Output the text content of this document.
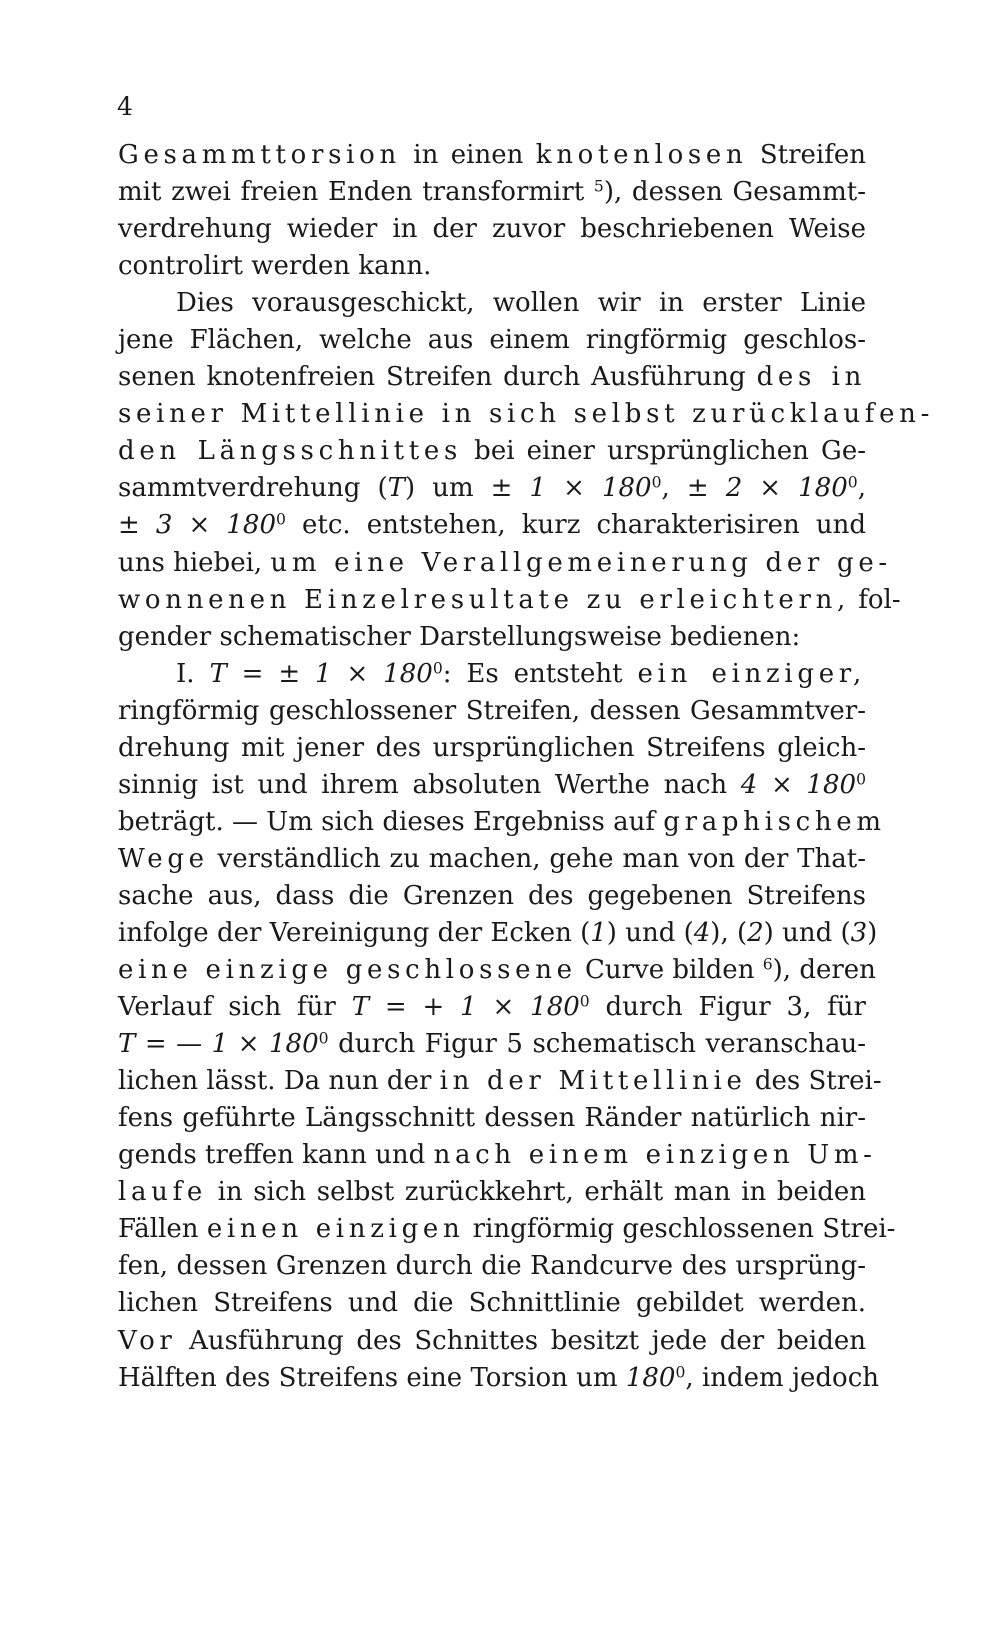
4
Gesammttorsion in einen knotenlosen Streifen
mit zwei freien Enden transformirt $^5$), dessen Gesammt-
verdrehung wieder in der zuvor beschriebenen Weise
controlirt werden kann.
Dies vorausgeschickt, wollen wir in erster Linie
jene Flächen, welche aus einem ringförmig geschlos-
senen knotenfreien Streifen durch Ausführung des in
seiner Mittellinie in sich selbst zurücklaufen-
den Längsschnittes bei einer ursprünglichen Ge-
sammtverdrehung (T) um ± $1 \times 180^0$, ± $2 \times 180^0$,
± $3 \times 180^0$ etc. entstehen, kurz charakterisiren und
uns hiebei, um eine Verallgemeinerung der ge-
wonnenen Einzelresultate zu erleichtern, fol-
gender schematischer Darstellungsweise bedienen:
I. T = ± $1 \times 180^0$: Es entsteht ein einziger,
ringförmig geschlossener Streifen, dessen Gesammtver-
drehung mit jener des ursprünglichen Streifens gleich-
sinnig ist und ihrem absoluten Werthe nach $4 \times 180^0$
beträgt. — Um sich dieses Ergebniss auf graphischem
Wege verständlich zu machen, gehe man von der That-
sache aus, dass die Grenzen des gegebenen Streifens
infolge der Vereinigung der Ecken (1) und (4), (2) und (3)
eine einzige geschlossene Curve bilden $^6$), deren
Verlauf sich für T = + $1 \times 180^0$ durch Figur 3, für
T = — $1 \times 180^0$ durch Figur 5 schematisch veranschau-
lichen lässt. Da nun der in der Mittellinie des Strei-
fens geführte Längsschnitt dessen Ränder natürlich nir-
gends treffen kann und nach einem einzigen Um-
laufe in sich selbst zurückkehrt, erhält man in beiden
Fällen einen einzigen ringförmig geschlossenen Strei-
fen, dessen Grenzen durch die Randcurve des ursprüng-
lichen Streifens und die Schnittlinie gebildet werden.
Vor Ausführung des Schnittes besitzt jede der beiden
Hälften des Streifens eine Torsion um $180^0$, indem jedoch
